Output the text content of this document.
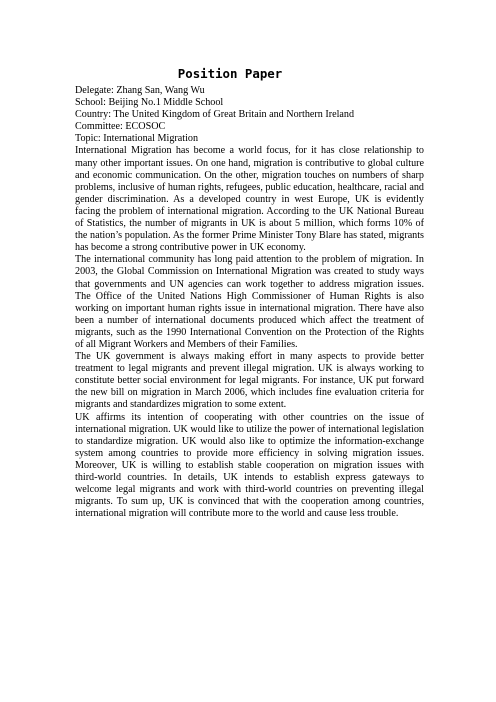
Position Paper

Delegate: Zhang San, Wang Wu

School: Beijing No.1 Middle School

Country: The United Kingdom of Great Britain and Northern Ireland

Committee: ECOSOC

Topic: International Migration

International Migration has become a world focus, for it has close relationship to many other important issues. On one hand, migration is contributive to global culture and economic communication. On the other, migration touches on numbers of sharp problems, inclusive of human rights, refugees, public education, healthcare, racial and gender discrimination. As a developed country in west Europe, UK is evidently facing the problem of international migration. According to the UK National Bureau of Statistics, the number of migrants in UK is about 5 million, which forms 10% of the nation’s population. As the former Prime Minister Tony Blare has stated, migrants has become a strong contributive power in UK economy.

The international community has long paid attention to the problem of migration. In 2003, the Global Commission on International Migration was created to study ways that governments and UN agencies can work together to address migration issues. The Office of the United Nations High Commissioner of Human Rights is also working on important human rights issue in international migration. There have also been a number of international documents produced which affect the treatment of migrants, such as the 1990 International Convention on the Protection of the Rights of all Migrant Workers and Members of their Families.

The UK government is always making effort in many aspects to provide better treatment to legal migrants and prevent illegal migration. UK is always working to constitute better social environment for legal migrants. For instance, UK put forward the new bill on migration in March 2006, which includes fine evaluation criteria for migrants and standardizes migration to some extent.

UK affirms its intention of cooperating with other countries on the issue of international migration. UK would like to utilize the power of international legislation to standardize migration. UK would also like to optimize the information-exchange system among countries to provide more efficiency in solving migration issues. Moreover, UK is willing to establish stable cooperation on migration issues with third-world countries. In details, UK intends to establish express gateways to welcome legal migrants and work with third-world countries on preventing illegal migrants. To sum up, UK is convinced that with the cooperation among countries, international migration will contribute more to the world and cause less trouble.
